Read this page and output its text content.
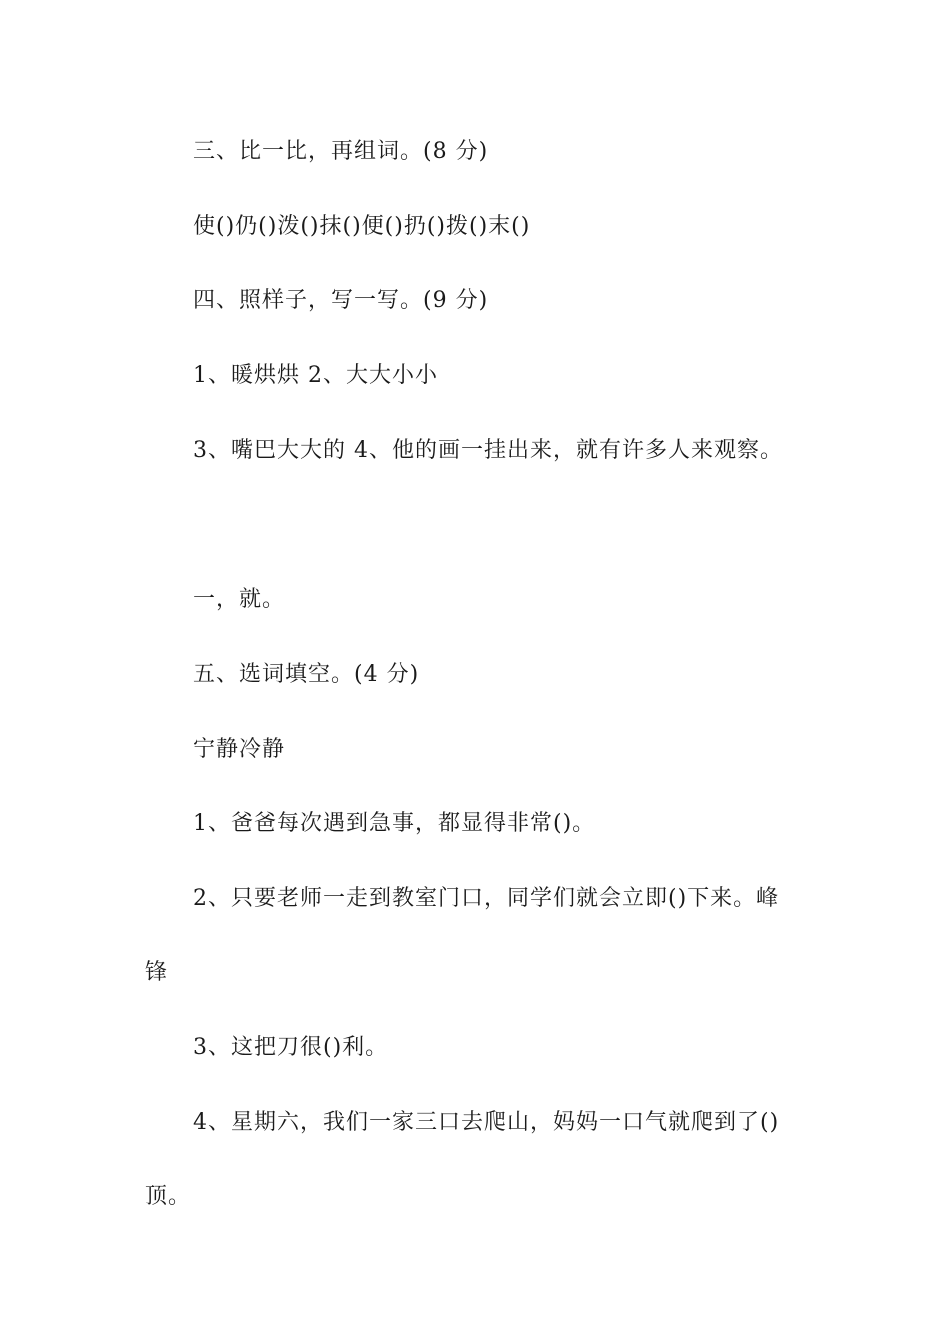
三、比一比，再组词。(8 分)
使()仍()泼()抹()便()扔()拨()末()
四、照样子，写一写。(9 分)
1、暖烘烘 2、大大小小
3、嘴巴大大的 4、他的画一挂出来，就有许多人来观察。
一，就。
五、选词填空。(4 分)
宁静冷静
1、爸爸每次遇到急事，都显得非常()。
2、只要老师一走到教室门口，同学们就会立即()下来。峰
锋
3、这把刀很()利。
4、星期六，我们一家三口去爬山，妈妈一口气就爬到了()
顶。
